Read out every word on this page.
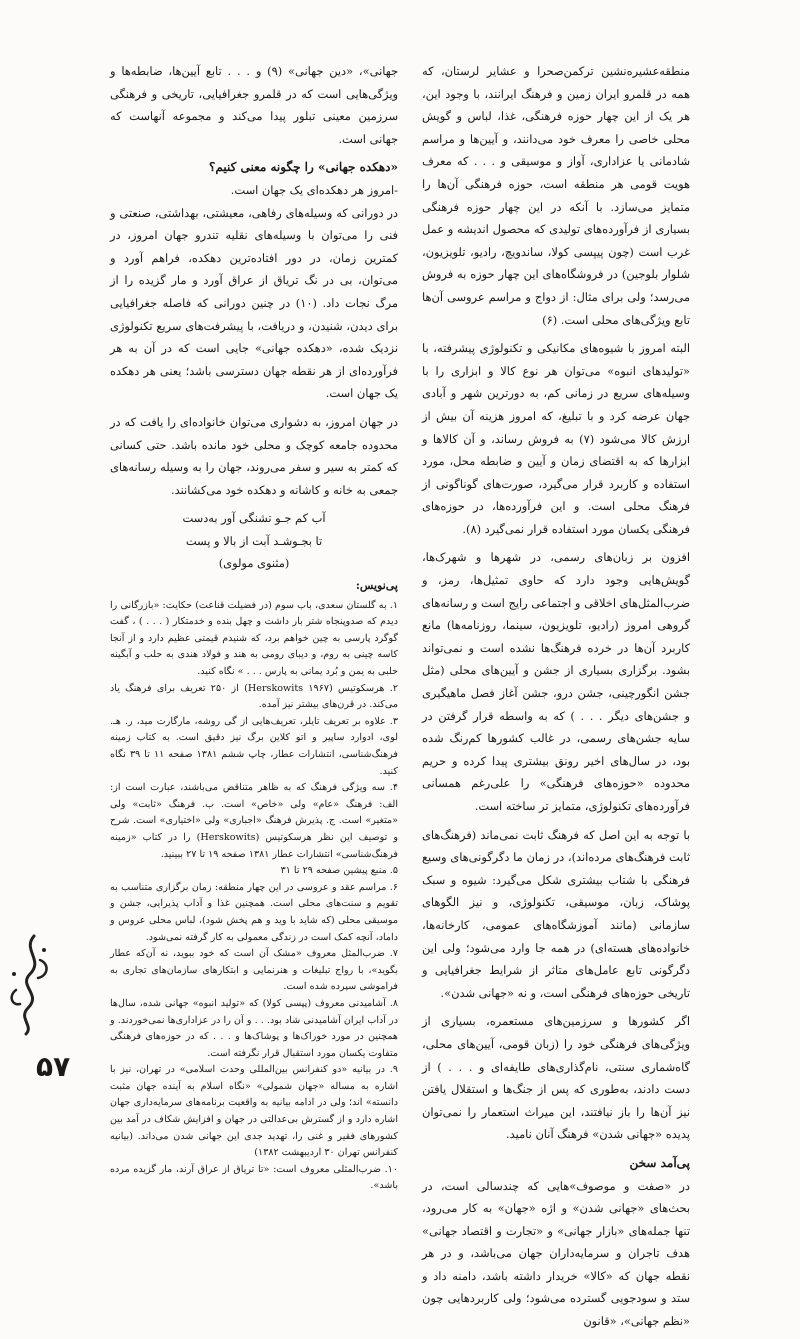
منطقه‌عشیره‌نشین ترکمن‌صحرا و عشایر لرستان، که همه در قلمرو ایران زمین و فرهنگ ایرانند، با وجود این، هر یک از این چهار حوزه فرهنگی، غذا، لباس و گویش محلی خاصی را معرف خود می‌دانند، و آیین‌ها و مراسم شادمانی یا عزاداری، آواز و موسیقی و . . . که معرف هویت قومی هر منطقه است، حوزه فرهنگی آن‌ها را متمایز می‌سازد. با آنکه در این چهار حوزه فرهنگی بسیاری از فرآورده‌های تولیدی که محصول اندیشه و عمل غرب است (چون پیپسی کولا، ساندویچ، رادیو، تلویزیون، شلوار بلوجین) در فروشگاه‌های این چهار حوزه به فروش می‌رسد؛ ولی برای مثال: از دواج و مراسم عروسی آن‌ها تابع ویژگی‌های محلی است. (۶)

البته امروز با شیوه‌های مکانیکی و تکنولوژی پیشرفته، با «تولیدهای انبوه» می‌توان هر نوع کالا و ابزاری را با وسیله‌های سریع در زمانی کم، به دورترین شهر و آبادی جهان عرضه کرد و با تبلیغ، که امروز هزینه آن بیش از ارزش کالا می‌شود (۷) به فروش رساند، و آن کالاها و ابزارها که به اقتضای زمان و آیین و ضابطه محل، مورد استفاده و کاربرد قرار می‌گیرد، صورت‌های گوناگونی از فرهنگ محلی است. و این فرآورده‌ها، در حوزه‌های فرهنگی یکسان مورد استفاده قرار نمی‌گیرد (۸).

افزون بر زبان‌های رسمی، در شهرها و شهرک‌ها، گویش‌هایی وجود دارد که حاوی تمثیل‌ها، رمز، و ضرب‌المثل‌های اخلاقی و اجتماعی رایج است و رسانه‌های گروهی امروز (رادیو، تلویزیون، سینما، روزنامه‌ها) مانع کاربرد آن‌ها در خرده فرهنگ‌ها نشده است و نمی‌تواند بشود. برگزاری بسیاری از جشن و آیین‌های محلی (مثل جشن انگورچینی، جشن درو، جشن آغاز فصل ماهیگیری و جشن‌های دیگر . . . ) که به واسطه قرار گرفتن در سایه جشن‌های رسمی، در غالب کشورها کم‌رنگ شده بود، در سال‌های اخیر رونق بیشتری پیدا کرده و حریم محدوده «حوزه‌های فرهنگی» را علی‌رغم همسانی فرآورده‌های تکنولوژی، متمایز تر ساخته است.

با توجه به این اصل که فرهنگ ثابت نمی‌ماند (فرهنگ‌های ثابت فرهنگ‌های مرده‌اند)، در زمان ما دگرگونی‌های وسیع فرهنگی با شتاب بیشتری شکل می‌گیرد: شیوه و سبک پوشاک، زبان، موسیقی، تکنولوژی، و نیز الگوهای سازمانی (مانند آموزشگاه‌های عمومی، کارخانه‌ها، خانواده‌های هسته‌ای) در همه جا وارد می‌شود؛ ولی این دگرگونی تابع عامل‌های متاثر از شرایط جغرافیایی و تاریخی حوزه‌های فرهنگی است، و نه «جهانی شدن».

اگر کشورها و سرزمین‌های مستعمره، بسیاری از ویژگی‌های فرهنگی خود را (زبان قومی، آیین‌های محلی، گاه‌شماری سنتی، نام‌گذاری‌های طایفه‌ای و . . . ) از دست دادند، به‌طوری که پس از جنگ‌ها و استقلال یافتن نیز آن‌ها را باز نیافتند، این میراث استعمار را نمی‌توان پدیده «جهانی شدن» فرهنگ آنان نامید.

پی‌آمد سخن

در «صفت و موصوف»هایی که چندسالی است، در بحث‌های «جهانی شدن» و اژه «جهان» به کار می‌رود، تنها جمله‌های «بازار جهانی» و «تجارت و اقتصاد جهانی» هدف تاجران و سرمایه‌داران جهان می‌باشد، و در هر نقطه جهان که «کالا» خریدار داشته باشد، دامنه داد و ستد و سودجویی گسترده می‌شود؛ ولی کاربردهایی چون «نظم جهانی»، «قانون

جهانی»، «دین جهانی» (۹) و . . . تابع آیین‌ها، ضابطه‌ها و ویژگی‌هایی است که در قلمرو جغرافیایی، تاریخی و فرهنگی سرزمین معینی تبلور پیدا می‌کند و مجموعه آنهاست که جهانی است.

«دهکده جهانی» را چگونه معنی کنیم؟

-امروز هر دهکده‌ای یک جهان است.

در دورانی که وسیله‌های رفاهی، معیشتی، بهداشتی، صنعتی و فنی را می‌توان با وسیله‌های نقلیه تندرو جهان امروز، در کمترین زمان، در دور افتاده‌ترین دهکده، فراهم آورد و می‌توان، بی در نگ تریاق از عراق آورد و مار گزیده را از مرگ نجات داد. (۱۰) در چنین دورانی که فاصله جغرافیایی برای دیدن، شنیدن، و دریافت، با پیشرفت‌های سریع تکنولوژی نزدیک شده، «دهکده جهانی» جایی است که در آن به هر فرآورده‌ای از هر نقطه جهان دسترسی باشد؛ یعنی هر دهکده یک جهان است.

در جهان امروز، به دشواری می‌توان خانواده‌ای را یافت که در محدوده جامعه کوچک و محلی خود مانده باشد. حتی کسانی که کمتر به سیر و سفر می‌روند، جهان را به وسیله رسانه‌های جمعی به خانه و کاشانه و دهکده خود می‌کشانند.

آب کم جـو تشنگی آور به‌دست

تا بجـوشـد آبت از بالا و پست

(مثنوی مولوی)

پی‌نویس:

۱. به گلستان سعدی، باب سوم (در فضیلت قناعت) حکایت: «بازرگانی را دیدم که صدوپنجاه شتر بار داشت و چهل بنده و خدمتکار ( . . . ) ، گفت گوگرد پارسی به چین خواهم برد، که شنیدم قیمتی عظیم دارد و از آنجا کاسه چینی به روم، و دیبای رومی به هند و فولاد هندی به حلب و آبگینه حلبی به یمن و بُرد یمانی به پارس . . . » نگاه کنید.

۲. هرسکوتیس (Herskowits ۱۹۶۷) از ۲۵۰ تعریف برای فرهنگ یاد می‌کند. در قرن‌های بیشتر نیز آمده.

۳. علاوه بر تعریف تایلر، تعریف‌هایی از گی روشه، مارگارت مید، ر. هـ. لوی، ادوارد ساپیر و اتو کلاین برگ نیز دقیق است. به کتاب زمینه فرهنگ‌شناسی، انتشارات عطار، چاپ ششم ۱۳۸۱ صفحه ۱۱ تا ۳۹ نگاه کنید.

۴. سه ویژگی فرهنگ که به ظاهر متناقض می‌باشند، عبارت است از: الف: فرهنگ «عام» ولی «خاص» است. ب. فرهنگ «ثابت» ولی «متغیر» است. ج. پذیرش فرهنگ «اجباری» ولی «اختیاری» است. شرح و توصیف این نظر هرسکوتیس (Herskowits) را در کتاب «زمینه فرهنگ‌شناسی» انتشارات عطار ۱۳۸۱ صفحه ۱۹ تا ۲۷ ببینید.

۵. منبع پیشین صفحه ۲۹ تا ۳۱

۶. مراسم عقد و عروسی در این چهار منطقه: زمان برگزاری متناسب به تقویم و سنت‌های محلی است. همچنین غذا و آداب پذیرایی، جشن و موسیقی محلی (که شاید با وید و هم پخش شود)، لباس محلی عروس و داماد، آنچه کمک است در زندگی معمولی به کار گرفته نمی‌شود.

۷. ضرب‌المثل معروف «مشک آن است که خود ببوید، نه آن‌که عطار بگوید»، با رواج تبلیغات و هنرنمایی و ابتکارهای سازمان‌های تجاری به فراموشی سپرده شده است.

۸. آشامیدنی معروف (پپسی کولا) که «تولید انبوه» جهانی شده، سال‌ها در آداب ایران آشامیدنی شاد بود. . . و آن را در عزاداری‌ها نمی‌خوردند. و همچنین در مورد خوراک‌ها و پوشاک‌ها و . . . که در حوزه‌های فرهنگی متفاوت یکسان مورد استقبال قرار نگرفته است.

۹. در بیانیه «دو کنفرانس بین‌المللی وحدت اسلامی» در تهران، نیز با اشاره به مساله «جهان شمولی» «نگاه اسلام به آینده جهان مثبت دانسته» اند؛ ولی در ادامه بیانیه به واقعیت برنامه‌های سرمایه‌داری جهان اشاره دارد و از گسترش بی‌عدالتی در جهان و افزایش شکاف در آمد بین کشورهای فقیر و غنی را، تهدید جدی این جهانی شدن می‌داند. (بیانیه کنفرانس تهران ۳۰ اردیبهشت ۱۳۸۲)

۱۰. ضرب‌المثلی معروف است: «تا تریاق از عراق آرند، مار گزیده مرده باشد».

۵۷
